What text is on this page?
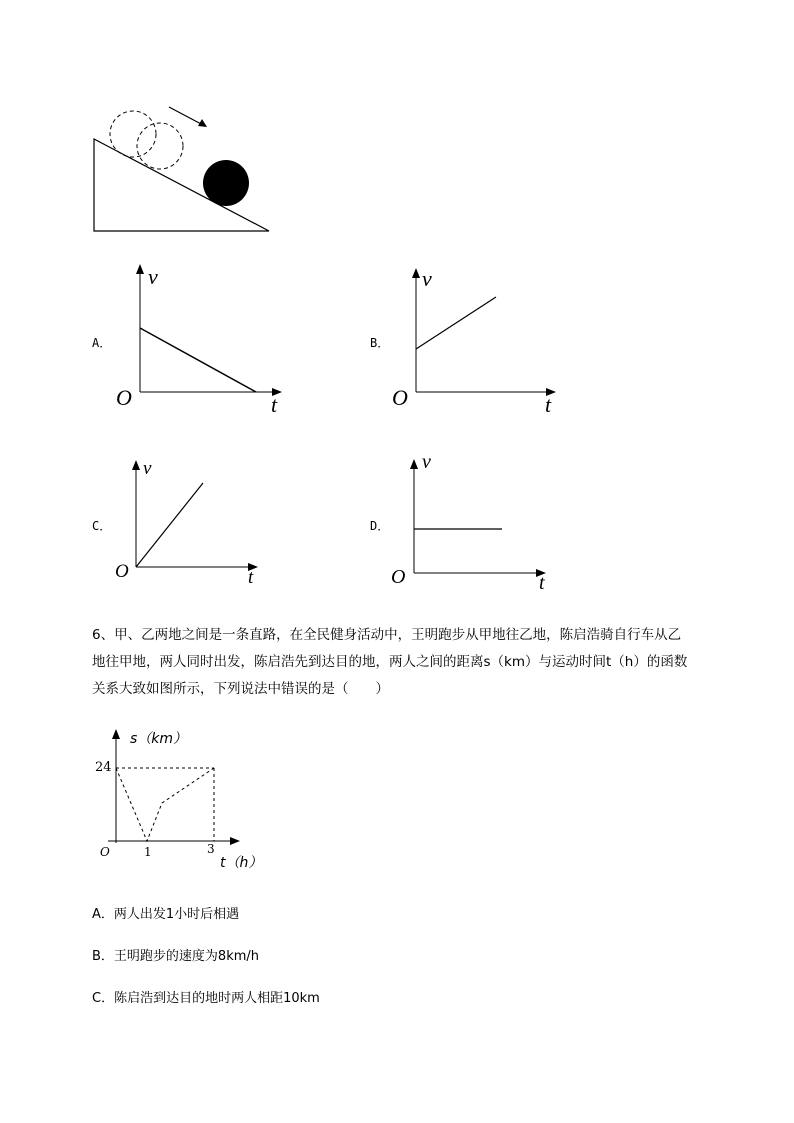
A．
v
O	t
B．
v
O	t
C．
v
O	t
D．
v
O	t
6、甲、乙两地之间是一条直路，在全民健身活动中，王明跑步从甲地往乙地，陈启浩骑自行车从乙
地往甲地，两人同时出发，陈启浩先到达目的地，两人之间的距离s（km）与运动时间t（h）的函数
关系大致如图所示，下列说法中错误的是（　　）
s（km）
t（h）
24
1	3
O
A．两人出发1小时后相遇
B．王明跑步的速度为8km/h
C．陈启浩到达目的地时两人相距10km
